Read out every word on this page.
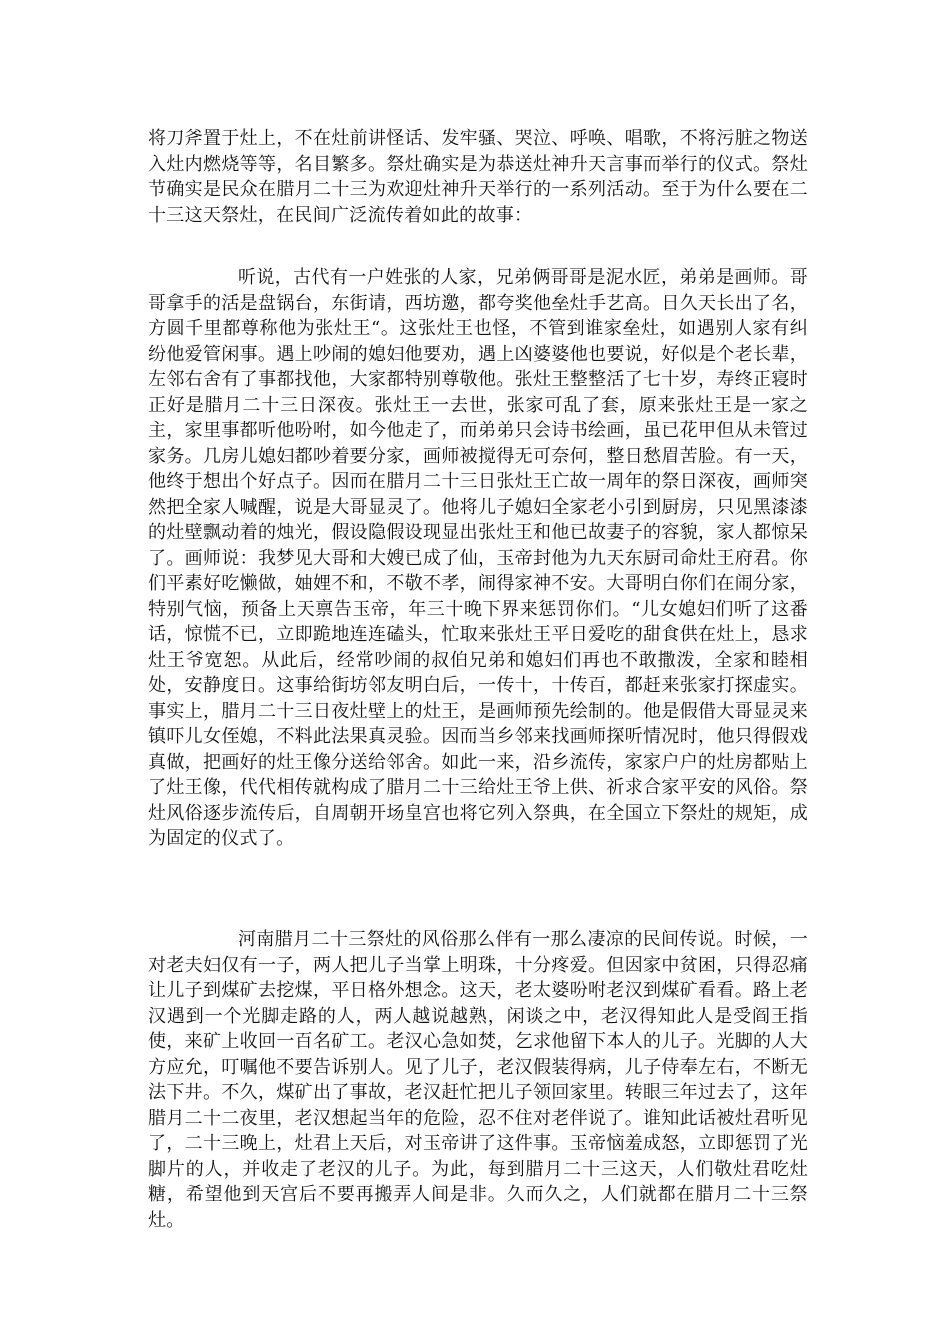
将刀斧置于灶上，不在灶前讲怪话、发牢骚、哭泣、呼唤、唱歌，不将污脏之物送入灶内燃烧等等，名目繁多。祭灶确实是为恭送灶神升天言事而举行的仪式。祭灶节确实是民众在腊月二十三为欢迎灶神升天举行的一系列活动。至于为什么要在二十三这天祭灶，在民间广泛流传着如此的故事：

听说，古代有一户姓张的人家，兄弟俩哥哥是泥水匠，弟弟是画师。哥哥拿手的活是盘锅台，东街请，西坊邀，都夸奖他垒灶手艺高。日久天长出了名，方圆千里都尊称他为张灶王“。这张灶王也怪，不管到谁家垒灶，如遇别人家有纠纷他爱管闲事。遇上吵闹的媳妇他要劝，遇上凶婆婆他也要说，好似是个老长辈，左邻右舍有了事都找他，大家都特别尊敬他。张灶王整整活了七十岁，寿终正寝时正好是腊月二十三日深夜。张灶王一去世，张家可乱了套，原来张灶王是一家之主，家里事都听他吩咐，如今他走了，而弟弟只会诗书绘画，虽已花甲但从未管过家务。几房儿媳妇都吵着要分家，画师被搅得无可奈何，整日愁眉苦脸。有一天，他终于想出个好点子。因而在腊月二十三日张灶王亡故一周年的祭日深夜，画师突然把全家人喊醒，说是大哥显灵了。他将儿子媳妇全家老小引到厨房，只见黑漆漆的灶壁飘动着的烛光，假设隐假设现显出张灶王和他已故妻子的容貌，家人都惊呆了。画师说：我梦见大哥和大嫂已成了仙，玉帝封他为九天东厨司命灶王府君。你们平素好吃懒做，妯娌不和，不敬不孝，闹得家神不安。大哥明白你们在闹分家，特别气恼，预备上天禀告玉帝，年三十晚下界来惩罚你们。“儿女媳妇们听了这番话，惊慌不已，立即跪地连连磕头，忙取来张灶王平日爱吃的甜食供在灶上，恳求灶王爷宽恕。从此后，经常吵闹的叔伯兄弟和媳妇们再也不敢撒泼，全家和睦相处，安静度日。这事给街坊邻友明白后，一传十，十传百，都赶来张家打探虚实。事实上，腊月二十三日夜灶壁上的灶王，是画师预先绘制的。他是假借大哥显灵来镇吓儿女侄媳，不料此法果真灵验。因而当乡邻来找画师探听情况时，他只得假戏真做，把画好的灶王像分送给邻舍。如此一来，沿乡流传，家家户户的灶房都贴上了灶王像，代代相传就构成了腊月二十三给灶王爷上供、祈求合家平安的风俗。祭灶风俗逐步流传后，自周朝开场皇宫也将它列入祭典，在全国立下祭灶的规矩，成为固定的仪式了。

河南腊月二十三祭灶的风俗那么伴有一那么凄凉的民间传说。时候，一对老夫妇仅有一子，两人把儿子当掌上明珠，十分疼爱。但因家中贫困，只得忍痛让儿子到煤矿去挖煤，平日格外想念。这天，老太婆吩咐老汉到煤矿看看。路上老汉遇到一个光脚走路的人，两人越说越熟，闲谈之中，老汉得知此人是受阎王指使，来矿上收回一百名矿工。老汉心急如焚，乞求他留下本人的儿子。光脚的人大方应允，叮嘱他不要告诉别人。见了儿子，老汉假装得病，儿子侍奉左右，不断无法下井。不久，煤矿出了事故，老汉赶忙把儿子领回家里。转眼三年过去了，这年腊月二十二夜里，老汉想起当年的危险，忍不住对老伴说了。谁知此话被灶君听见了，二十三晚上，灶君上天后，对玉帝讲了这件事。玉帝恼羞成怒，立即惩罚了光脚片的人，并收走了老汉的儿子。为此，每到腊月二十三这天，人们敬灶君吃灶糖，希望他到天宫后不要再搬弄人间是非。久而久之，人们就都在腊月二十三祭灶。
